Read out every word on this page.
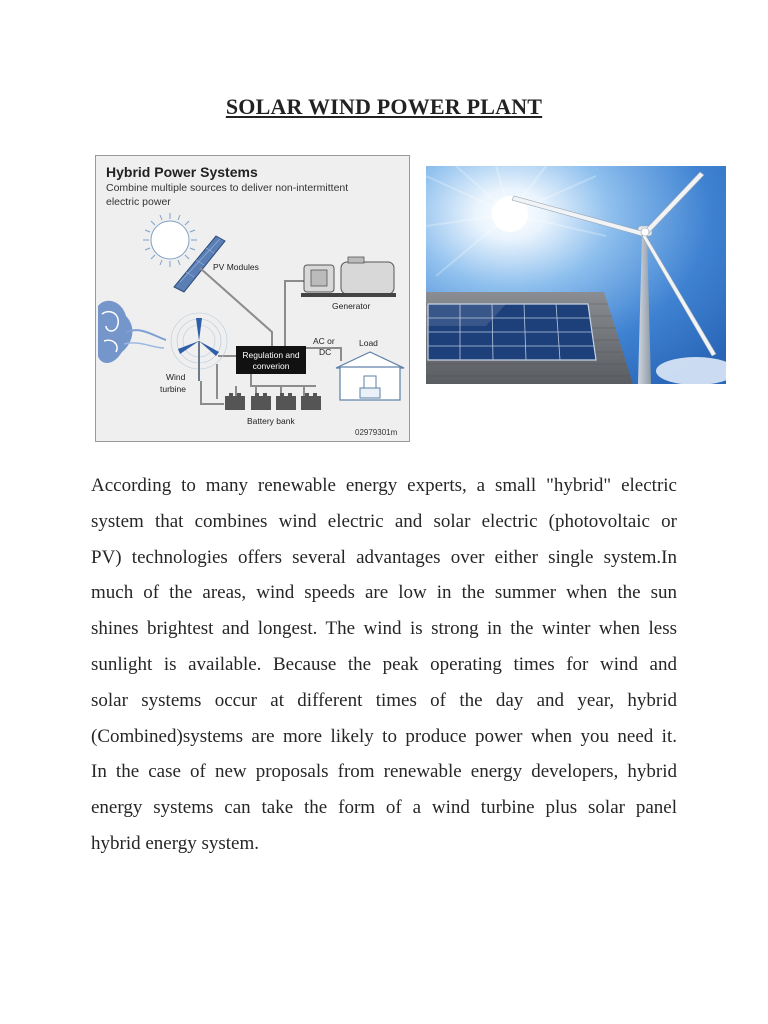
SOLAR WIND POWER PLANT
Hybrid Power Systems
Combine multiple sources to deliver non-intermittent
electric power
PV Modules
Generator
AC or
DC
Load
Regulation and
converion
Wind
turbine
Battery bank
02979301m
According to many renewable energy experts, a small "hybrid" electric
system that combines wind electric and solar electric (photovoltaic or
PV) technologies offers several advantages over either single system.In
much of the areas, wind speeds are low in the summer when the sun
shines brightest and longest. The wind is strong in the winter when less
sunlight is available. Because the peak operating times for wind and
solar systems occur at different times of the day and year, hybrid
(Combined)systems are more likely to produce power when you need it.
In the case of new proposals from renewable energy developers, hybrid
energy systems can take the form of a wind turbine plus solar panel
hybrid energy system.
